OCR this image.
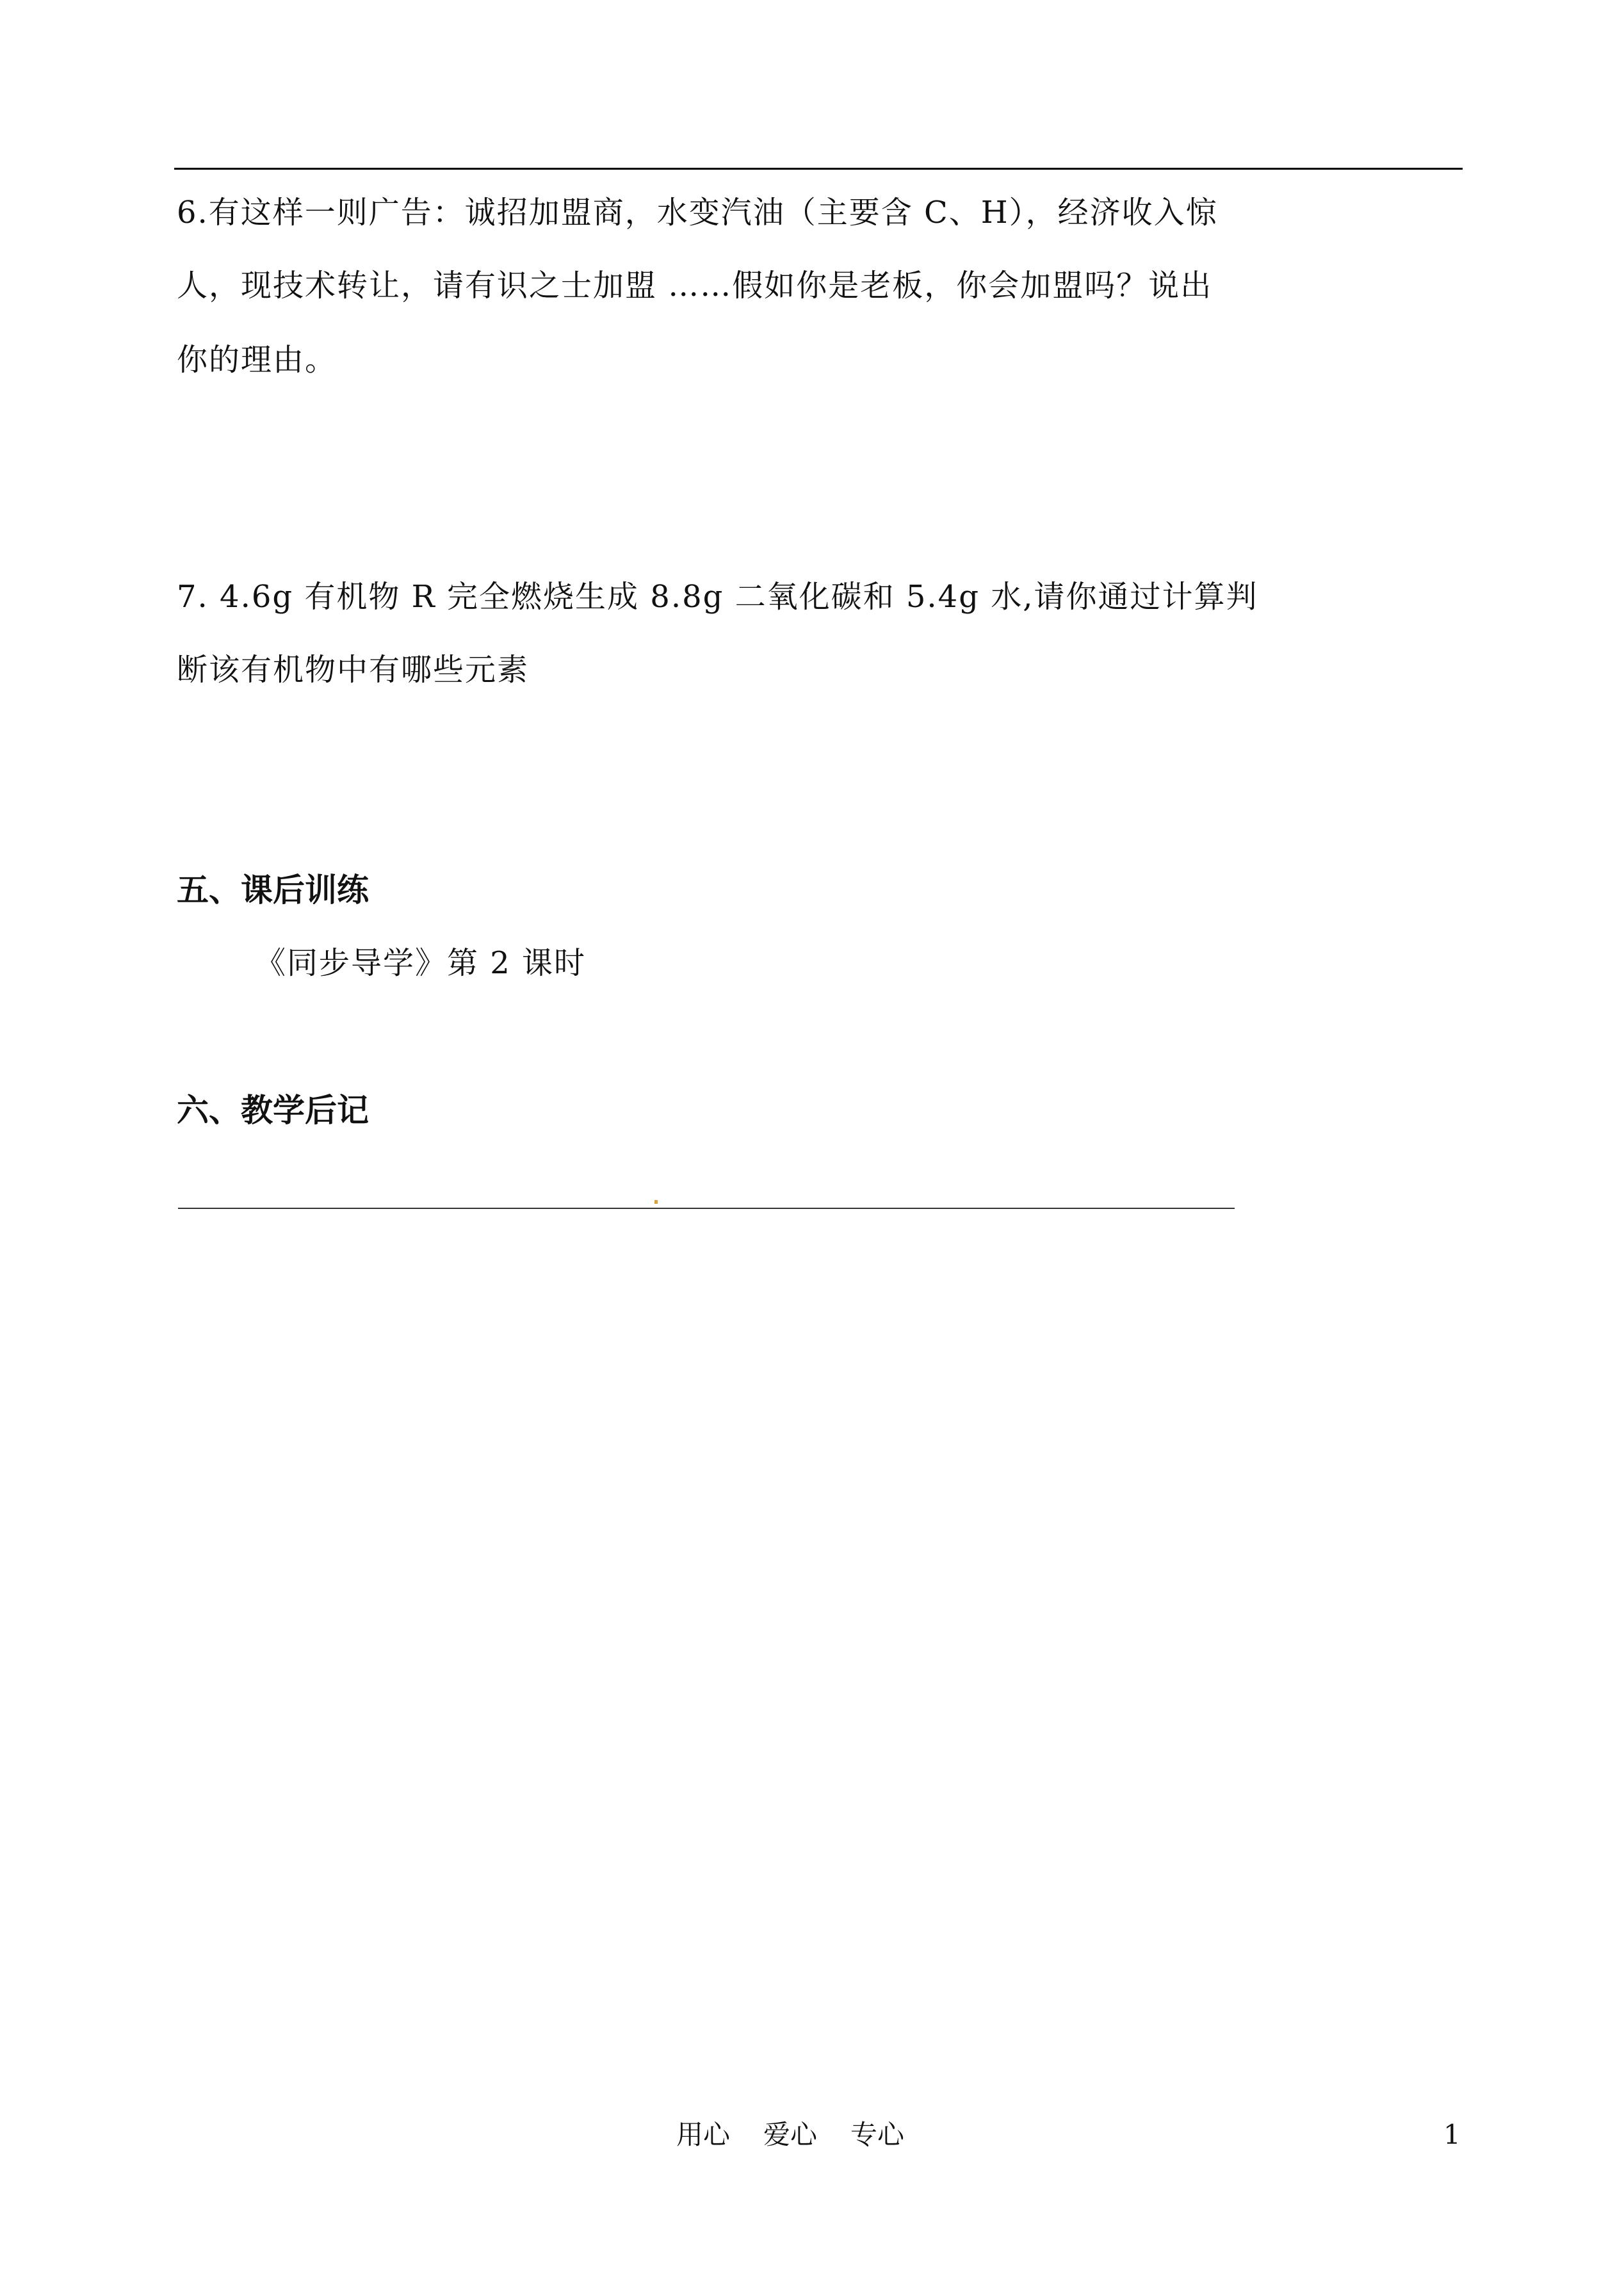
6.有这样一则广告：诚招加盟商，水变汽油（主要含 C、H），经济收入惊
人，现技术转让，请有识之士加盟 ……假如你是老板，你会加盟吗？说出
你的理由。
7. 4.6g 有机物 R 完全燃烧生成 8.8g 二氧化碳和 5.4g 水,请你通过计算判
断该有机物中有哪些元素
五、课后训练
《同步导学》第 2 课时
六、教学后记
用心 爱心 专心	1
